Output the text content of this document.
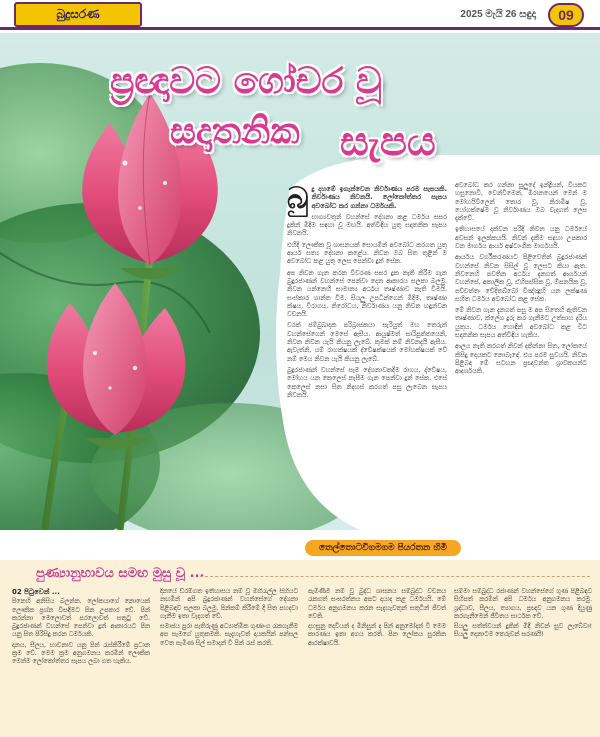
බුදුසරණ	2025 මැයි 26 සඳුදා	09
ප්‍රඥාවට ගෝචර වූ
සදාතනික සැපය
බු දු දහමේ ඉගැන්වෙන නිර්වාණය පරම සැපයකි. නිර්වාණය නිවනයි. ලෝකෝත්තර සැපය අවබෝධ කර ගන්නා ධර්මයකි.

භාග්‍යවතුන් වහන්සේ දේශනා කළ ධර්මය සසර දුකින් මිදීම සඳහා වූ මඟයි. අත්විඳිය යුතු සදාතනික සැපය නිවනයි.

එහිදී ලෞකික වූ ශාසනයක් සොයමින් අවබෝධ කරගත යුතු ආර්ය සත්‍ය දේශනා කළේය. නිවන ඔබ සිත තුළින් ම අවබෝධ කළ යුතු ලෙස පෙන්වා දුන් සේක.

අප නිවන ගැන කරන විවරණ සසර දුක නැති කිරීම ගැන බුදුරජාණන් වහන්සේ පෙන්වා දෙන ආකාරය සලකා බලමු. නිවන යන්නෙහි සාමාන්‍ය අර්ථය තෘෂ්ණාව නැති වීමයි. සංස්කාර ශාන්ත වීම, සියලු උපධීන්ගෙන් මිදීම, තෘෂ්ණා ක්ෂය, විරාගය, නිරෝධය, නිර්වාණය යනු නිවන හඳුන්වන වචනයි.

වරක් ජම්බුඛාදක පරිබ්‍රාජකයා සැරියුත් මහ තෙරුන් වහන්සේගෙන් මෙසේ ඇසීය. ආයුෂ්මත් සාරිපුත්තයෙනි, නිවන නිවන යැයි කියනු ලැබේ. කුමක් නම් නිවනදැයි ඇසීය. ඇවැත්නි, යම් රාගක්ෂයක් ද්වේෂක්ෂයක් මෝහක්ෂයක් වේ නම් මෙය නිවන යැයි කියනු ලැබේ.

බුදුරජාණන් වහන්සේ සෑම දේශනාවකදීම රාගය, ද්වේෂය, මෝහය යන කෙලෙස් නැසීම ගැන පෙන්වා දුන් සේක. එසේ කෙලෙස් නසා සිත නිදහස් කරගත් පසු ලැබෙන සැපය නිවනයි.

අවබෝධ කර ගන්නා සුලුදේ ඉන්ද්‍රියන්, වියකට හසුනොවී, වෙන්වීමෙන්, මිරානයෙන් මෙන් ම මෝහයිවිලෙන් තොර වූ, නිරාමිෂ වූ, යෝගක්ෂේම වූ නිර්වාණය ඔබ වැදගත් ලෙස දැක්වේ.

ඉතිහාසයේ දක්වන පරිදි නිවන යනු ධර්මයේ අවසන් ඉලක්කයයි. නිවන් දැකීම සඳහා උපකාර වන මාර්ගය ආර්ය අෂ්ටාංගික මාර්ගයයි.

ආර්යය වර්ගීකරණයට පිළිවෙතින් බුදුරජාණන් වහන්සේ නිවන සිසිල් වූ ලෙසට කියා ඇත. නිවනෙහි පවතින අර්ථය දැනගත් ආර්යයන් වහන්සේ, අකාලික වූ, ඒහිපස්සික වූ, ඕපනයික වූ, පච්චත්තං වේදිතබ්බෝ විඤ්ඤූහි යන ලක්ෂණ සහිත ධර්මය අවබෝධ කළ සේක.

මේ නිවන ගැන දැනගත් පසු ම අප සිතෙහි ඇතිවන තෘෂ්ණාව, ක්ලේශ දුරු කර ගැනීමට උත්සාහ දැරිය යුතුය. ධර්මය හොඳින් අවබෝධ කළ විට සදාතනික සැපය අත්විඳිය හැකිය.

ආලය නැති කරගත් නිවන් දකින්නා සිත, ලෝකයේ කිසිදු දෙයකට නොබැඳේ. එය පරම සුවයයි. නිවන පිළිබඳ මේ සටහන ප්‍රඥාවන්ත ශ්‍රාවකයන්ට ආදර්ශයකි.

තෙල්තොටවිගමගම පියරතන හිමි
පුණ්‍යානුභාවය සමඟ මුසු වූ ...

02 පිටුවෙන් ...

පිනෙහි අනිසිය බලන්න. ලෝකයාගේ නොයෙක් ලෞකික ප්‍රශ්න විසඳීමට පින උපකාර වේ. පින් කරන්නා මෙලොවත් පරලොවත් සතුටු වේ. බුදුරජාණන් වහන්සේ පෙන්වා දුන් ආකාරයට පින යනු සිත පිරිසිදු කරන ධර්මයකි.

දානය, සීලය, භාවනාව යනු පින් රැස්කිරීමේ ප්‍රධාන ක්‍රම වේ. මෙම ක්‍රම අනුගමනය කරමින් ලෞකික මෙන්ම ලෝකෝත්තර සැපය ලබා ගත හැකිය.

දිනයේ ඩ්රම්ගත ඉතිහාසය නම් වූ මිහිරැල්ල සිහියට නඟමින් අපි බුදුරජාණන් වහන්සේගේ දේශනා පිළිබඳව සලකා බලමු. පින්කම් කිරීමේ දී සිත පහදවා ගැනීම ඉතා වැදගත් වේ.

සමාජය පුරා පැතිරුණු අධ්‍යාත්මික ගුණාංග රැකගැනීම අප සැමගේ යුතුකමකි. සැදැහැවත් දායකයින් පන්සල වෙත පැමිණ සිල් සමාදන් වී පින් රැස් කරති.

පැමිණීම නම් වූ බුද්ධ ශාසනය සම්බුද්ධ වචනය රැකගත් සංඝරත්නය අපට දායාද කළ ධර්මයයි. මේ ධර්මය අනුගමනය කරන සැදැහැවතුන් සතුටින් ජීවත් වෙති.

දහසුනු දෙවියන් ද මිනිසුන් ද පින් අනුමෝදන් වී මෙම කාරණය ඉතා අගය කරති. පින ලෝකය සුරකින ආරක්ෂාවයි.

සම්මා සම්බුද්ධ රජාණන් වහන්සේගේ ගුණ පිළිබඳව සිහිපත් කරමින් අපි ධර්මය අනුගමනය කරමු. ශ්‍රද්ධාව, සීලය, ත්‍යාගය, ප්‍රඥාව යන ගුණ දියුණු කරගැනීමෙන් ජීවිතය සාර්ථක වේ.

සියලු සත්ත්වයන් දුකින් මිදී නිවන් සුව ලැබේවා! සියලු දෙනාටම තෙරුවන් සරණයි!
